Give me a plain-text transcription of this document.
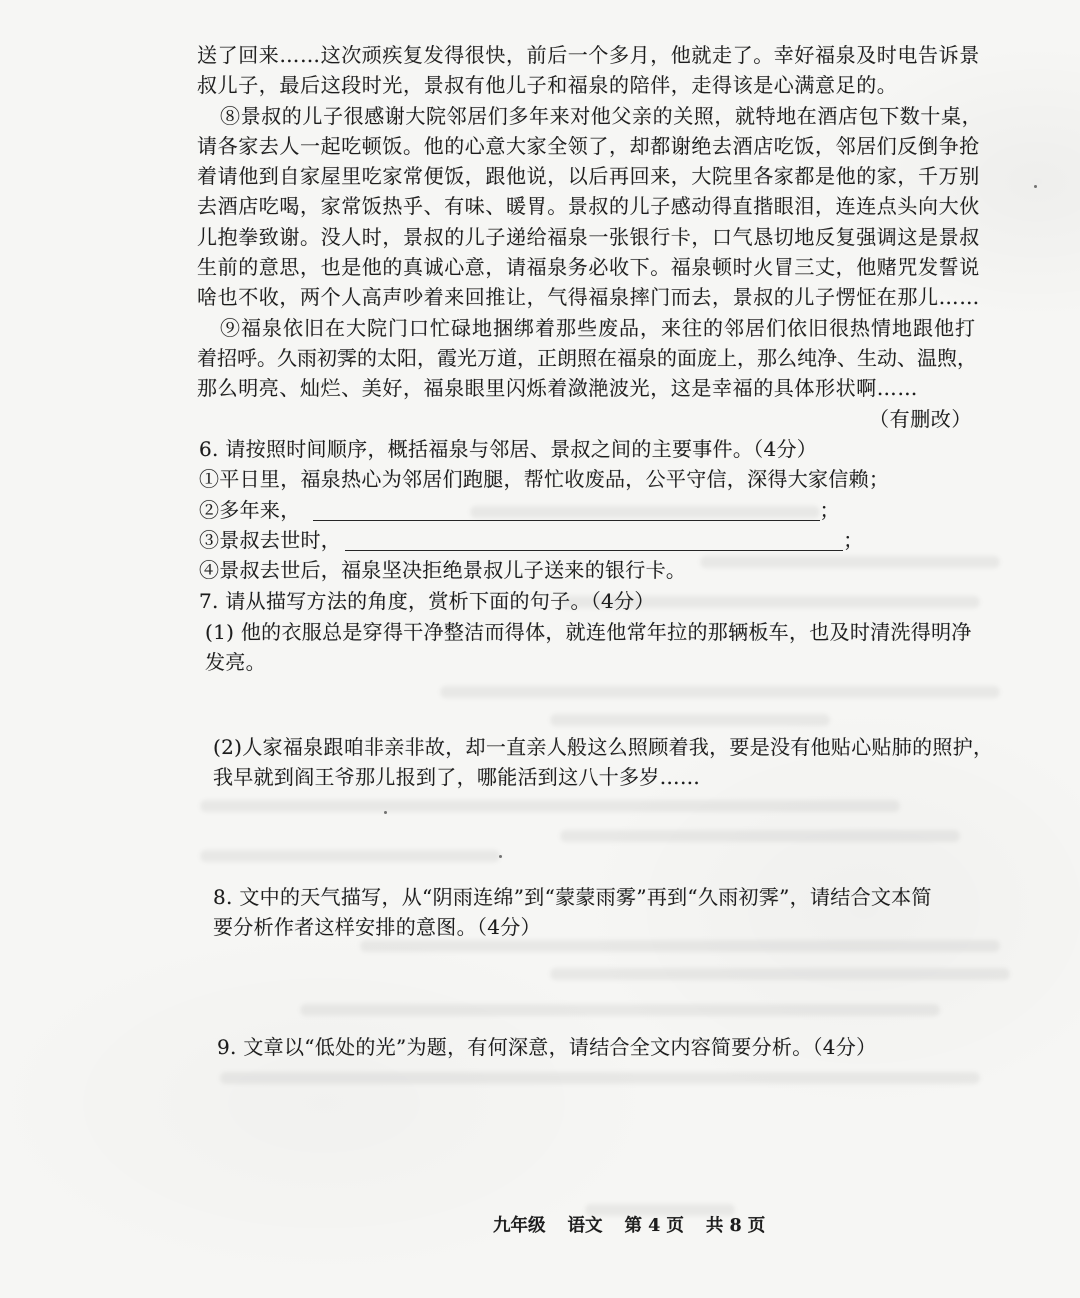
送了回来……这次顽疾复发得很快，前后一个多月，他就走了。幸好福泉及时电告诉景
叔儿子，最后这段时光，景叔有他儿子和福泉的陪伴，走得该是心满意足的。
⑧景叔的儿子很感谢大院邻居们多年来对他父亲的关照，就特地在酒店包下数十桌，
请各家去人一起吃顿饭。他的心意大家全领了，却都谢绝去酒店吃饭，邻居们反倒争抢
着请他到自家屋里吃家常便饭，跟他说，以后再回来，大院里各家都是他的家，千万别
去酒店吃喝，家常饭热乎、有味、暖胃。景叔的儿子感动得直揩眼泪，连连点头向大伙
儿抱拳致谢。没人时，景叔的儿子递给福泉一张银行卡，口气恳切地反复强调这是景叔
生前的意思，也是他的真诚心意，请福泉务必收下。福泉顿时火冒三丈，他赌咒发誓说
啥也不收，两个人高声吵着来回推让，气得福泉摔门而去，景叔的儿子愣怔在那儿……
⑨福泉依旧在大院门口忙碌地捆绑着那些废品，来往的邻居们依旧很热情地跟他打
着招呼。久雨初霁的太阳，霞光万道，正朗照在福泉的面庞上，那么纯净、生动、温煦，
那么明亮、灿烂、美好，福泉眼里闪烁着潋滟波光，这是幸福的具体形状啊……
（有删改）
6. 请按照时间顺序，概括福泉与邻居、景叔之间的主要事件。（4分）
①平日里，福泉热心为邻居们跑腿，帮忙收废品，公平守信，深得大家信赖；
②多年来，	；
③景叔去世时，	；
④景叔去世后，福泉坚决拒绝景叔儿子送来的银行卡。
7. 请从描写方法的角度，赏析下面的句子。（4分）
(1) 他的衣服总是穿得干净整洁而得体，就连他常年拉的那辆板车，也及时清洗得明净
发亮。
(2)人家福泉跟咱非亲非故，却一直亲人般这么照顾着我，要是没有他贴心贴肺的照护，
我早就到阎王爷那儿报到了，哪能活到这八十多岁……
8. 文中的天气描写，从“阴雨连绵”到“蒙蒙雨雾”再到“久雨初霁”，请结合文本简
要分析作者这样安排的意图。（4分）
9. 文章以“低处的光”为题，有何深意，请结合全文内容简要分析。（4分）
九年级 语文 第 4 页 共 8 页
